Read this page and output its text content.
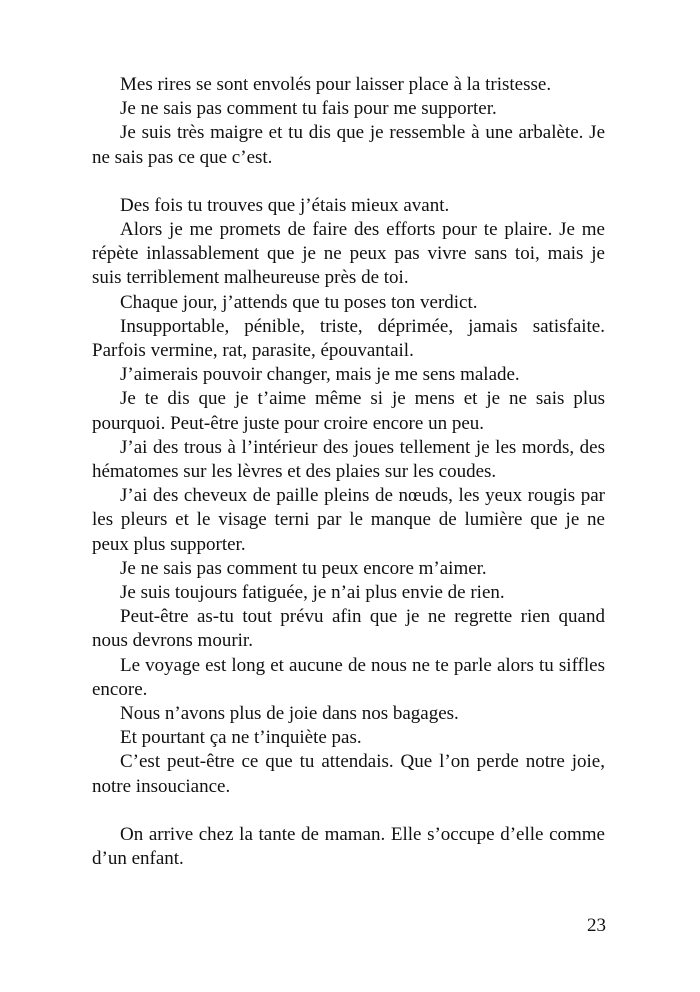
Mes rires se sont envolés pour laisser place à la tristesse.

Je ne sais pas comment tu fais pour me supporter.

Je suis très maigre et tu dis que je ressemble à une arbalète. Je ne sais pas ce que c’est.

Des fois tu trouves que j’étais mieux avant.

Alors je me promets de faire des efforts pour te plaire. Je me répète inlassablement que je ne peux pas vivre sans toi, mais je suis terriblement malheureuse près de toi.

Chaque jour, j’attends que tu poses ton verdict.

Insupportable, pénible, triste, déprimée, jamais satisfaite. Parfois vermine, rat, parasite, épouvantail.

J’aimerais pouvoir changer, mais je me sens malade.

Je te dis que je t’aime même si je mens et je ne sais plus pourquoi. Peut-être juste pour croire encore un peu.

J’ai des trous à l’intérieur des joues tellement je les mords, des hématomes sur les lèvres et des plaies sur les coudes.

J’ai des cheveux de paille pleins de nœuds, les yeux rougis par les pleurs et le visage terni par le manque de lumière que je ne peux plus supporter.

Je ne sais pas comment tu peux encore m’aimer.

Je suis toujours fatiguée, je n’ai plus envie de rien.

Peut-être as-tu tout prévu afin que je ne regrette rien quand nous devrons mourir.

Le voyage est long et aucune de nous ne te parle alors tu siffles encore.

Nous n’avons plus de joie dans nos bagages.

Et pourtant ça ne t’inquiète pas.

C’est peut-être ce que tu attendais. Que l’on perde notre joie, notre insouciance.

On arrive chez la tante de maman. Elle s’occupe d’elle comme d’un enfant.

23
